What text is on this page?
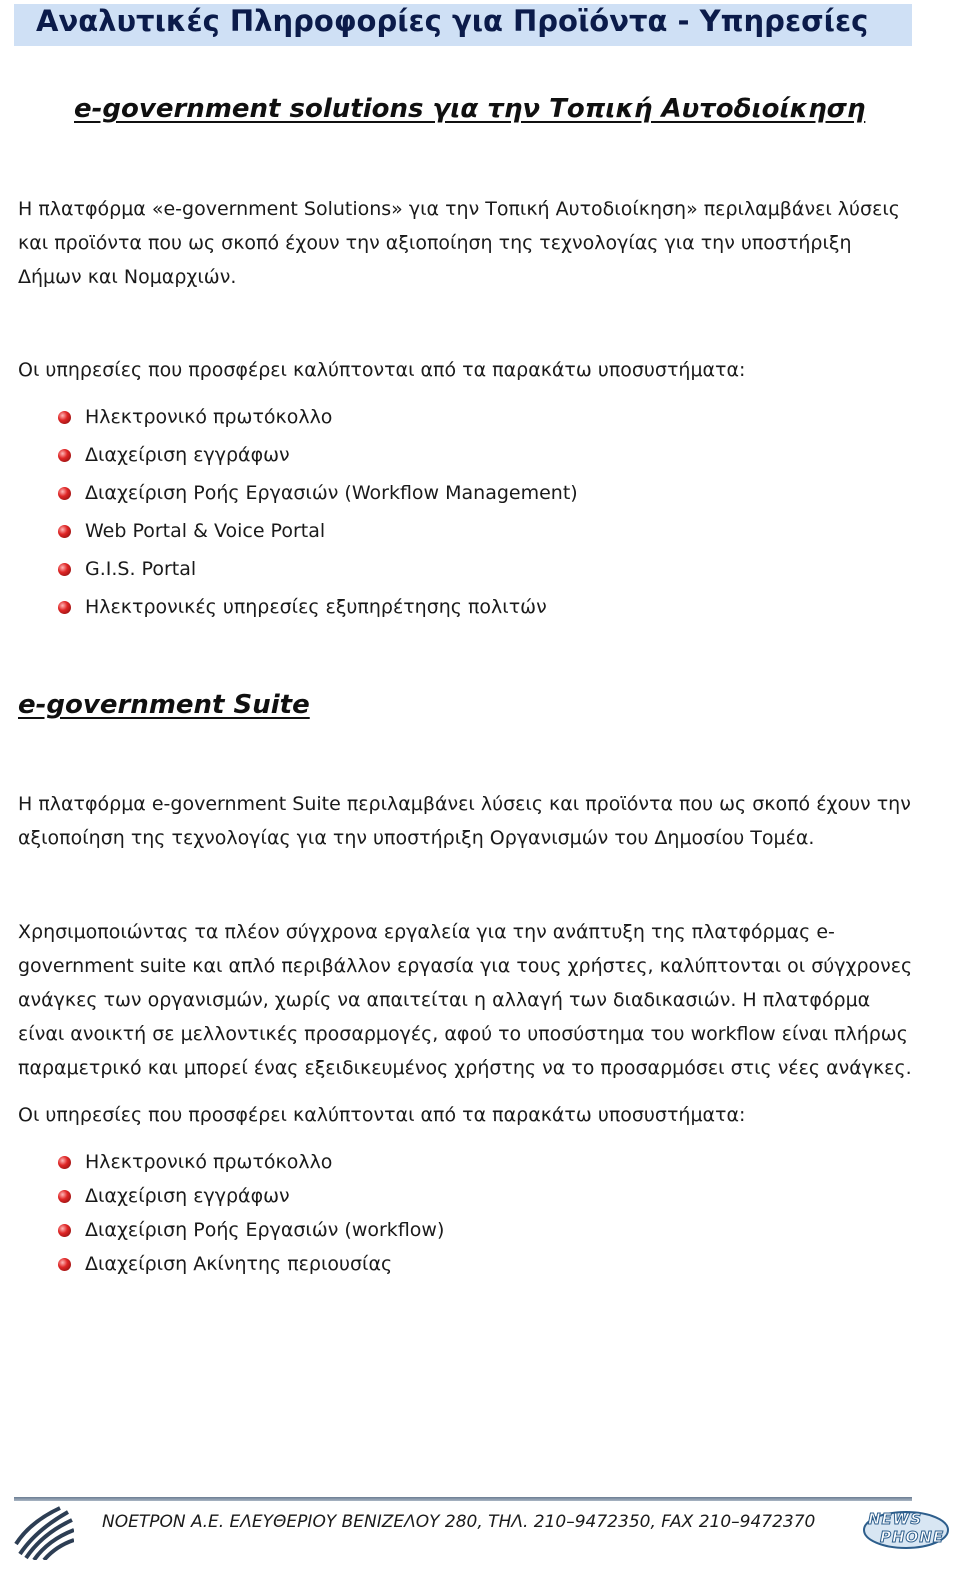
Αναλυτικές Πληροφορίες για Προϊόντα - Υπηρεσίες
e-government solutions για την Τοπική Αυτοδιοίκηση

Η πλατφόρμα «e-government Solutions» για την Τοπική Αυτοδιοίκηση» περιλαμβάνει λύσεις και προϊόντα που ως σκοπό έχουν την αξιοποίηση της τεχνολογίας για την υποστήριξη Δήμων και Νομαρχιών.

Οι υπηρεσίες που προσφέρει καλύπτονται από τα παρακάτω υποσυστήματα:

Ηλεκτρονικό πρωτόκολλο
Διαχείριση εγγράφων
Διαχείριση Ροής Εργασιών (Workflow Management)
Web Portal & Voice Portal
G.I.S. Portal
Ηλεκτρονικές υπηρεσίες εξυπηρέτησης πολιτών
e-government Suite

Η πλατφόρμα e-government Suite περιλαμβάνει λύσεις και προϊόντα που ως σκοπό έχουν την αξιοποίηση της τεχνολογίας για την υποστήριξη Οργανισμών του Δημοσίου Τομέα.

Χρησιμοποιώντας τα πλέον σύγχρονα εργαλεία για την ανάπτυξη της πλατφόρμας e-government suite και απλό περιβάλλον εργασία για τους χρήστες, καλύπτονται οι σύγχρονες ανάγκες των οργανισμών, χωρίς να απαιτείται η αλλαγή των διαδικασιών. Η πλατφόρμα είναι ανοικτή σε μελλοντικές προσαρμογές, αφού το υποσύστημα του workflow είναι πλήρως παραμετρικό και μπορεί ένας εξειδικευμένος χρήστης να το προσαρμόσει στις νέες ανάγκες.

Οι υπηρεσίες που προσφέρει καλύπτονται από τα παρακάτω υποσυστήματα:

Ηλεκτρονικό πρωτόκολλο
Διαχείριση εγγράφων
Διαχείριση Ροής Εργασιών (workflow)
Διαχείριση Ακίνητης περιουσίας
ΝΟΕΤΡΟΝ Α.Ε. ΕΛΕΥΘΕΡΙΟΥ ΒΕΝΙΖΕΛΟΥ 280, ΤΗΛ. 210–9472350, FAX 210–9472370	NEWS
PHONE
